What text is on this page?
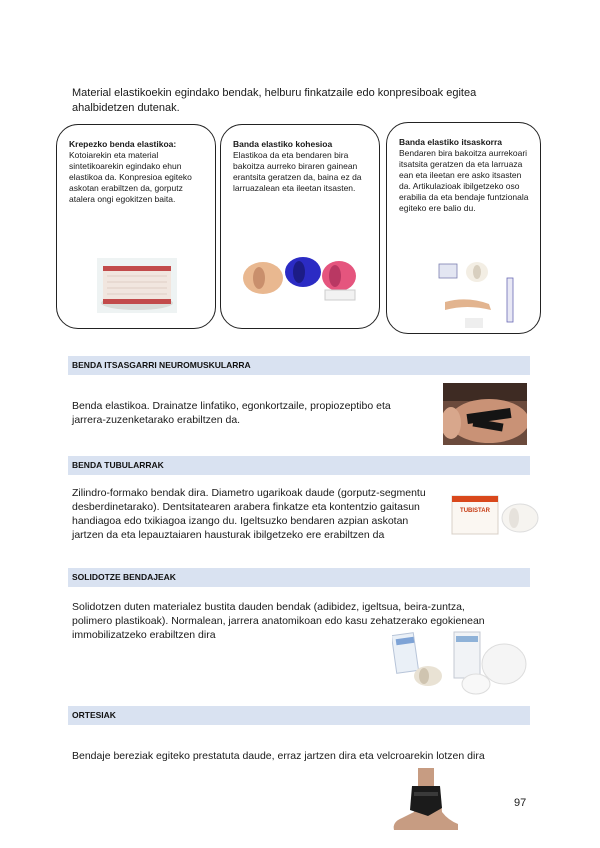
Material elastikoekin egindako bendak, helburu finkatzaile edo konpresiboak egitea ahalbidetzen dutenak.
Krepezko benda elastikoa:
Kotoiarekin eta material sintetikoarekin egindako ehun elastikoa da. Konpresioa egiteko askotan erabiltzen da, gorputz atalera ongi egokitzen baita.
Banda elastiko kohesioa
Elastikoa da eta bendaren bira bakoitza aurreko biraren gainean erantsita geratzen da, baina ez da larruazalean eta ileetan itsasten.
Banda elastiko itsaskorra
Bendaren bira bakoitza aurrekoari itsatsita geratzen da eta larruaza ean eta ileetan ere asko itsasten da. Artikulazioak ibilgetzeko oso erabilia da eta bendaje funtzionala egiteko ere balio du.
BENDA ITSASGARRI NEUROMUSKULARRA
Benda elastikoa. Drainatze linfatiko, egonkortzaile, propiozeptibo eta jarrera-zuzenketarako erabiltzen da.
BENDA TUBULARRAK
Zilindro-formako bendak dira. Diametro ugarikoak daude (gorputz-segmentu desberdinetarako). Dentsitatearen arabera finkatze eta kontentzio gaitasun handiagoa edo txikiagoa izango du. Igeltsuzko bendaren azpian askotan jartzen da eta lepauztaiaren hausturak ibilgetzeko ere erabiltzen da
TUBISTAR
SOLIDOTZE BENDAJEAK
Solidotzen duten materialez bustita dauden bendak (adibidez, igeltsua, beira-zuntza, polimero plastikoak). Normalean, jarrera anatomikoan edo kasu zehatzerako egokienean immobilizatzeko erabiltzen dira
ORTESIAK
Bendaje bereziak egiteko prestatuta daude, erraz jartzen dira eta velcroarekin lotzen dira
97
